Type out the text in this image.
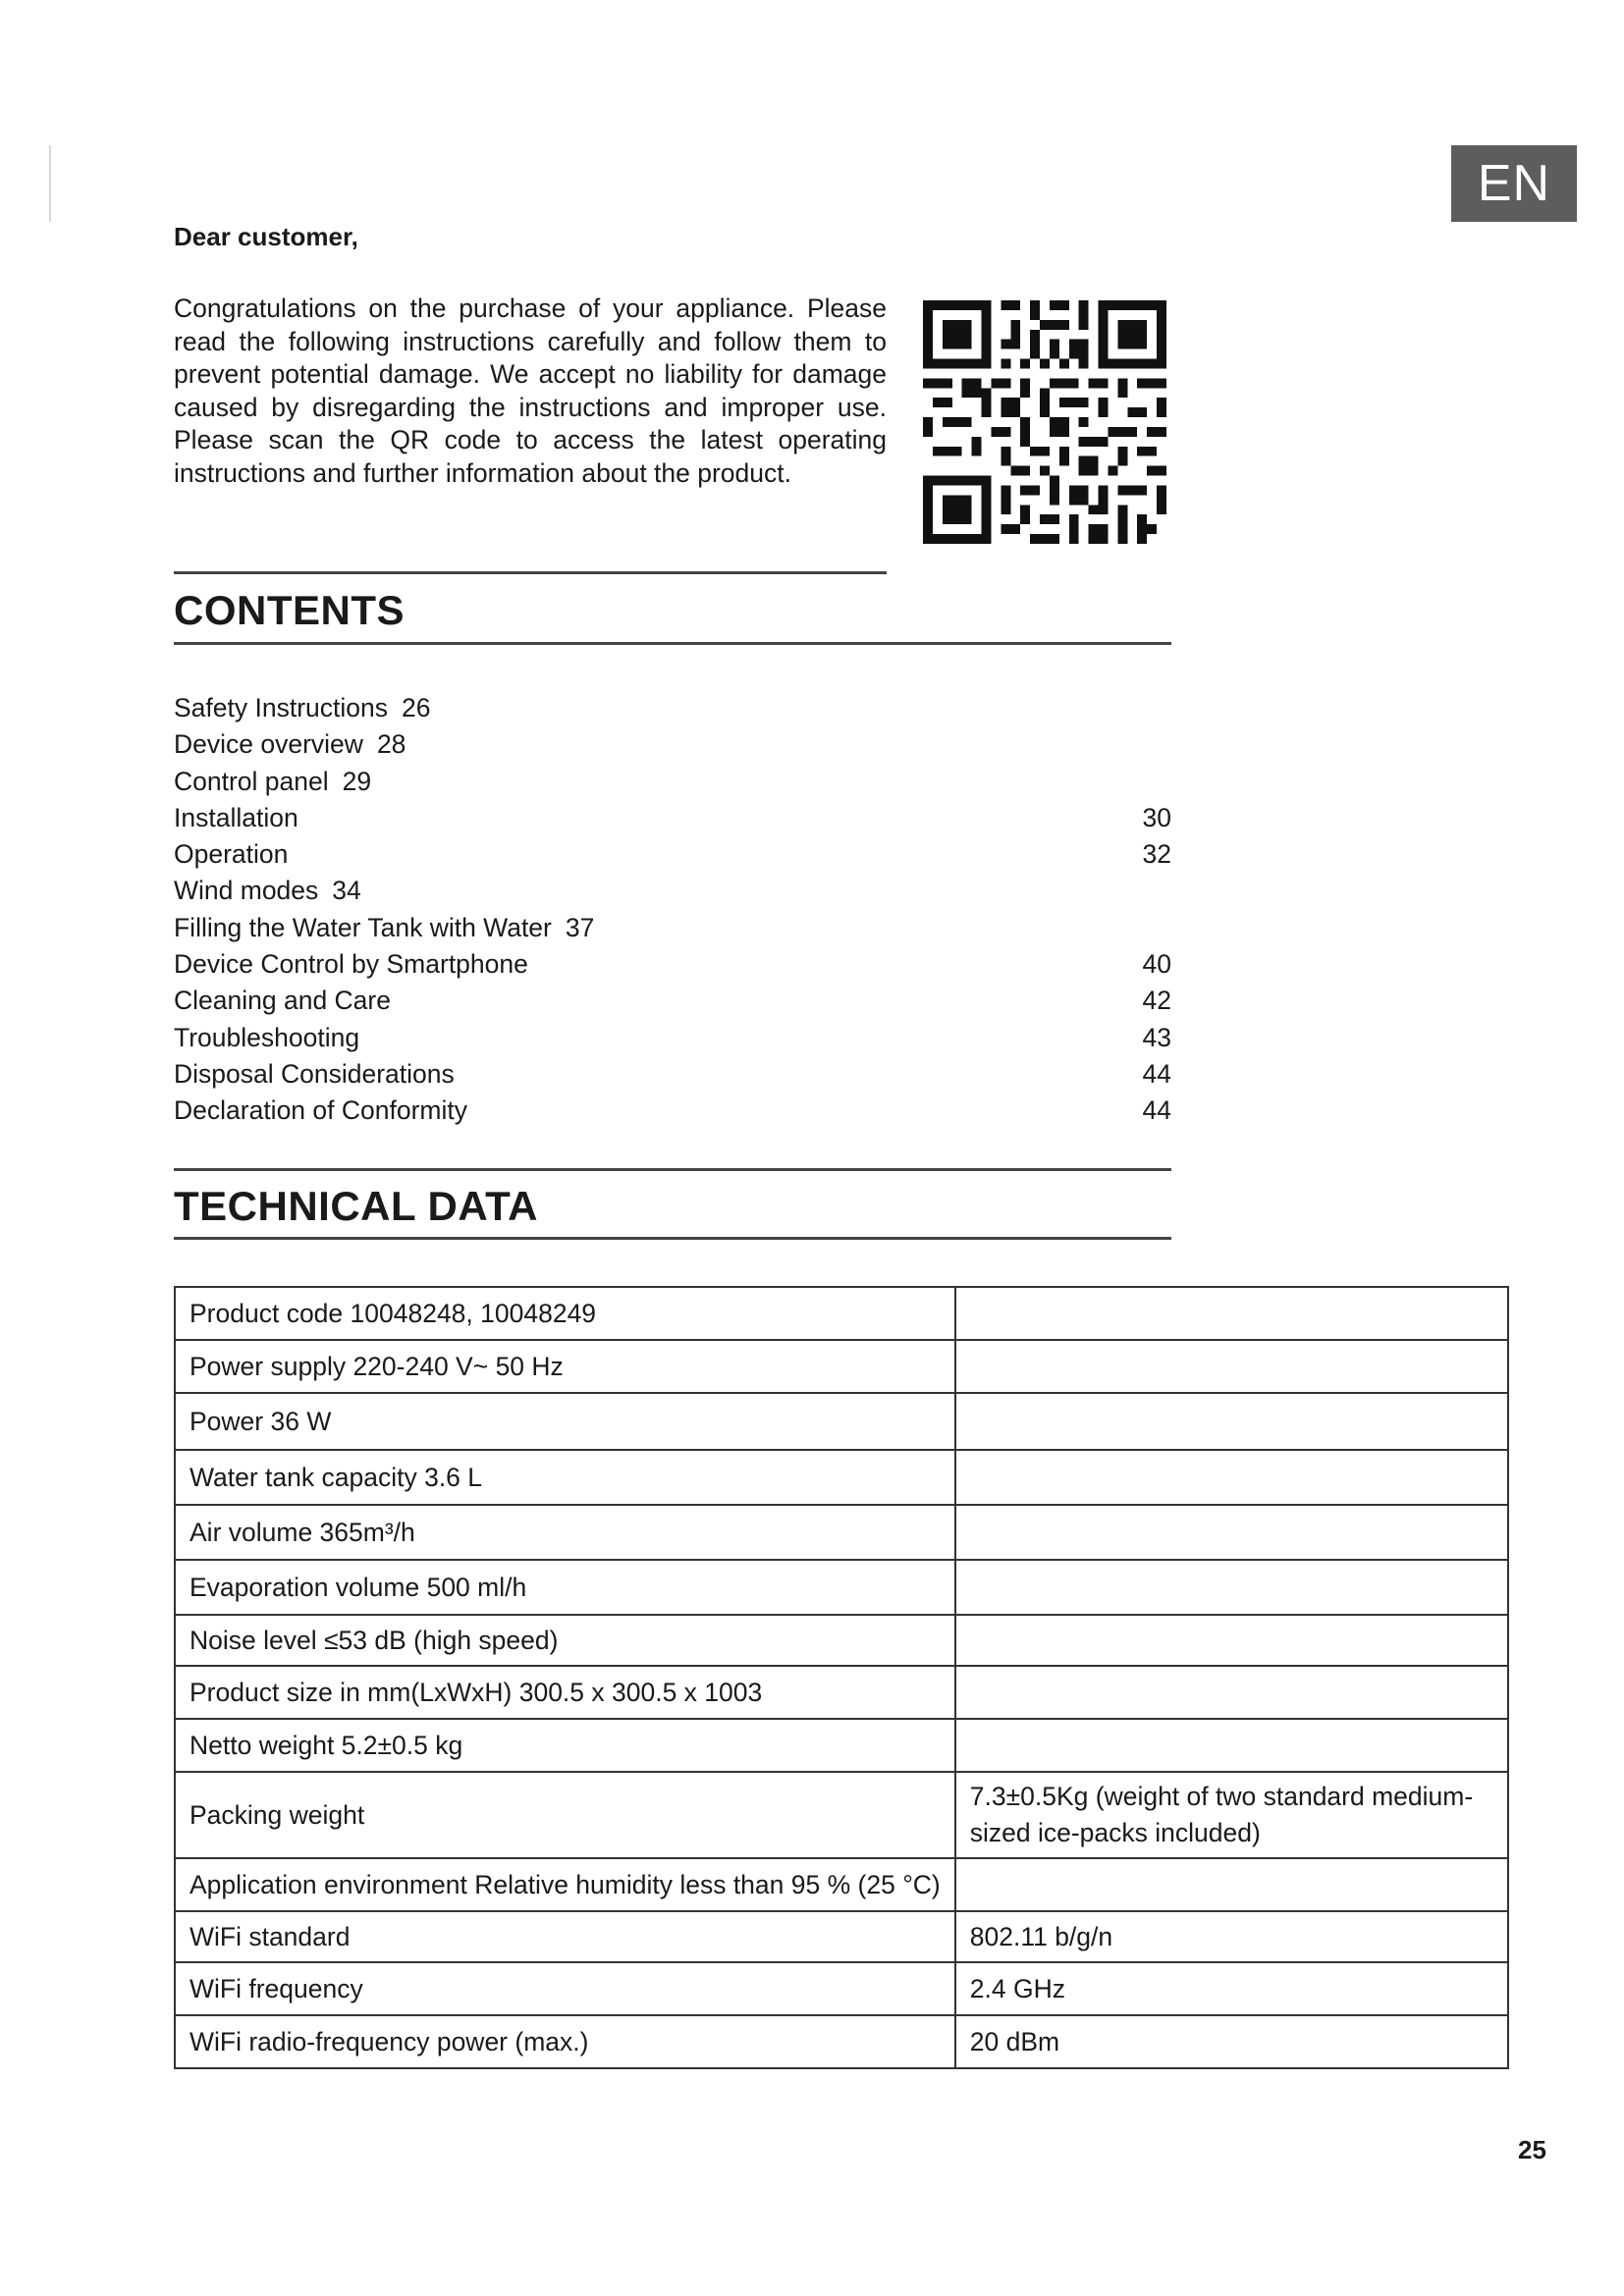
EN
Dear customer,
Congratulations on the purchase of your appliance. Please read the following instructions carefully and follow them to prevent potential damage. We accept no liability for damage caused by disregarding the instructions and improper use. Please scan the QR code to access the latest operating instructions and further information about the product.
CONTENTS
Safety Instructions 26
Device overview 28
Control panel 29
Installation	30
Operation	32
Wind modes 34
Filling the Water Tank with Water 37
Device Control by Smartphone	40
Cleaning and Care	42
Troubleshooting	43
Disposal Considerations	44
Declaration of Conformity	44
TECHNICAL DATA
Product code 10048248, 10048249	
Power supply 220-240 V~ 50 Hz	
Power 36 W	
Water tank capacity 3.6 L	
Air volume 365m³/h	
Evaporation volume 500 ml/h	
Noise level ≤53 dB (high speed)	
Product size in mm(LxWxH) 300.5 x 300.5 x 1003	
Netto weight 5.2±0.5 kg	
Packing weight	7.3±0.5Kg (weight of two standard medium-sized ice-packs included)
Application environment Relative humidity less than 95 % (25 °C)	
WiFi standard	802.11 b/g/n
WiFi frequency	2.4 GHz
WiFi radio-frequency power (max.)	20 dBm
25
